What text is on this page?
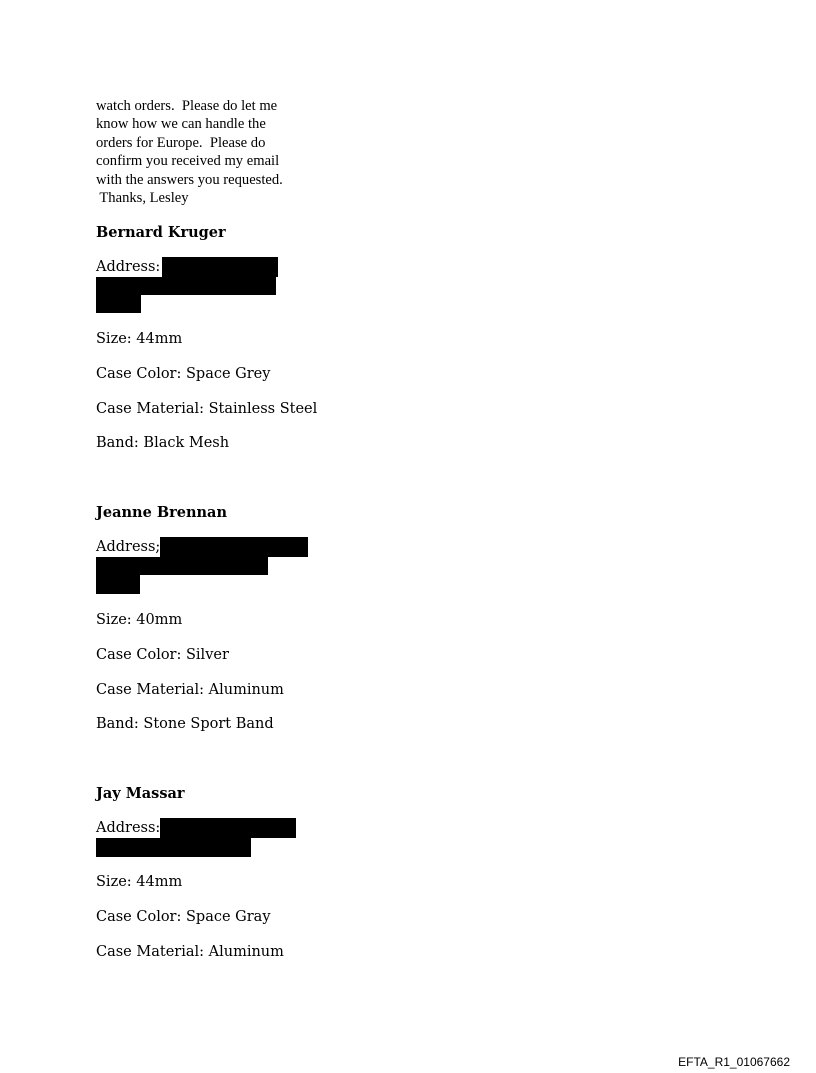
watch orders.  Please do let me
know how we can handle the
orders for Europe.  Please do
confirm you received my email
with the answers you requested.
Thanks, Lesley
Bernard Kruger
Address:
Size: 44mm
Case Color: Space Grey
Case Material: Stainless Steel
Band: Black Mesh
Jeanne Brennan
Address;
Size: 40mm
Case Color: Silver
Case Material: Aluminum
Band: Stone Sport Band
Jay Massar
Address:
Size: 44mm
Case Color: Space Gray
Case Material: Aluminum
EFTA_R1_01067662
